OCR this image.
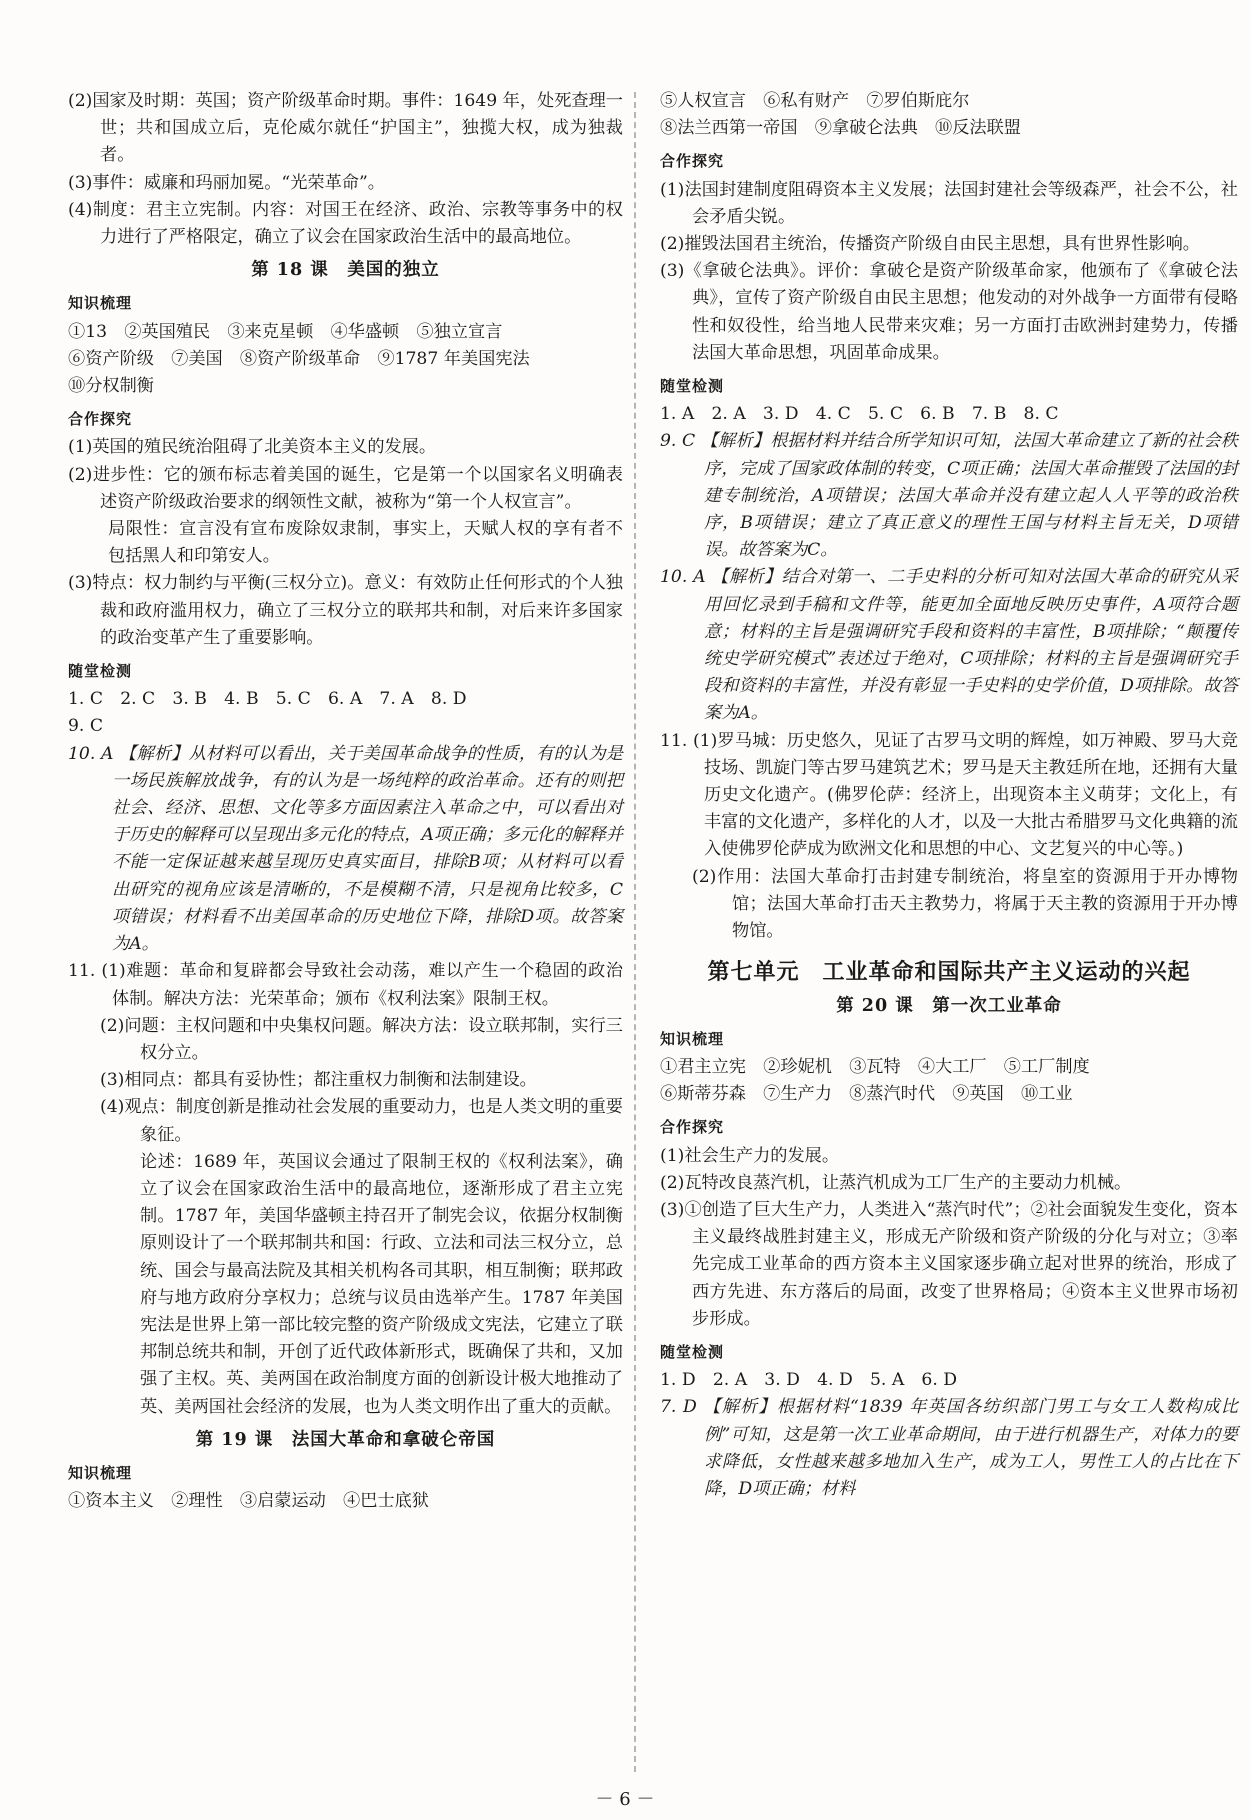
(2)国家及时期：英国；资产阶级革命时期。事件：1649 年，处死查理一世；共和国成立后，克伦威尔就任“护国主”，独揽大权，成为独裁者。

(3)事件：威廉和玛丽加冕。“光荣革命”。

(4)制度：君主立宪制。内容：对国王在经济、政治、宗教等事务中的权力进行了严格限定，确立了议会在国家政治生活中的最高地位。

第 18 课　美国的独立

知识梳理

①13　②英国殖民　③来克星顿　④华盛顿　⑤独立宣言

⑥资产阶级　⑦美国　⑧资产阶级革命　⑨1787 年美国宪法

⑩分权制衡

合作探究

(1)英国的殖民统治阻碍了北美资本主义的发展。

(2)进步性：它的颁布标志着美国的诞生，它是第一个以国家名义明确表述资产阶级政治要求的纲领性文献，被称为“第一个人权宣言”。

局限性：宣言没有宣布废除奴隶制，事实上，天赋人权的享有者不包括黑人和印第安人。

(3)特点：权力制约与平衡(三权分立)。意义：有效防止任何形式的个人独裁和政府滥用权力，确立了三权分立的联邦共和制，对后来许多国家的政治变革产生了重要影响。

随堂检测

1. C　2. C　3. B　4. B　5. C　6. A　7. A　8. D

9. C

10. A 【解析】从材料可以看出，关于美国革命战争的性质，有的认为是一场民族解放战争，有的认为是一场纯粹的政治革命。还有的则把社会、经济、思想、文化等多方面因素注入革命之中，可以看出对于历史的解释可以呈现出多元化的特点，A项正确；多元化的解释并不能一定保证越来越呈现历史真实面目，排除B项；从材料可以看出研究的视角应该是清晰的，不是模糊不清，只是视角比较多，C项错误；材料看不出美国革命的历史地位下降，排除D项。故答案为A。

11. (1)难题：革命和复辟都会导致社会动荡，难以产生一个稳固的政治体制。解决方法：光荣革命；颁布《权利法案》限制王权。

(2)问题：主权问题和中央集权问题。解决方法：设立联邦制，实行三权分立。

(3)相同点：都具有妥协性；都注重权力制衡和法制建设。

(4)观点：制度创新是推动社会发展的重要动力，也是人类文明的重要象征。

论述：1689 年，英国议会通过了限制王权的《权利法案》，确立了议会在国家政治生活中的最高地位，逐渐形成了君主立宪制。1787 年，美国华盛顿主持召开了制宪会议，依据分权制衡原则设计了一个联邦制共和国：行政、立法和司法三权分立，总统、国会与最高法院及其相关机构各司其职，相互制衡；联邦政府与地方政府分享权力；总统与议员由选举产生。1787 年美国宪法是世界上第一部比较完整的资产阶级成文宪法，它建立了联邦制总统共和制，开创了近代政体新形式，既确保了共和，又加强了主权。英、美两国在政治制度方面的创新设计极大地推动了英、美两国社会经济的发展，也为人类文明作出了重大的贡献。

第 19 课　法国大革命和拿破仑帝国

知识梳理

①资本主义　②理性　③启蒙运动　④巴士底狱

⑤人权宣言　⑥私有财产　⑦罗伯斯庇尔

⑧法兰西第一帝国　⑨拿破仑法典　⑩反法联盟

合作探究

(1)法国封建制度阻碍资本主义发展；法国封建社会等级森严，社会不公，社会矛盾尖锐。

(2)摧毁法国君主统治，传播资产阶级自由民主思想，具有世界性影响。

(3)《拿破仑法典》。评价：拿破仑是资产阶级革命家，他颁布了《拿破仑法典》，宣传了资产阶级自由民主思想；他发动的对外战争一方面带有侵略性和奴役性，给当地人民带来灾难；另一方面打击欧洲封建势力，传播法国大革命思想，巩固革命成果。

随堂检测

1. A　2. A　3. D　4. C　5. C　6. B　7. B　8. C

9. C 【解析】根据材料并结合所学知识可知，法国大革命建立了新的社会秩序，完成了国家政体制的转变，C项正确；法国大革命摧毁了法国的封建专制统治，A项错误；法国大革命并没有建立起人人平等的政治秩序，B项错误；建立了真正意义的理性王国与材料主旨无关，D项错误。故答案为C。

10. A 【解析】结合对第一、二手史料的分析可知对法国大革命的研究从采用回忆录到手稿和文件等，能更加全面地反映历史事件，A项符合题意；材料的主旨是强调研究手段和资料的丰富性，B项排除；“颠覆传统史学研究模式”表述过于绝对，C项排除；材料的主旨是强调研究手段和资料的丰富性，并没有彰显一手史料的史学价值，D项排除。故答案为A。

11. (1)罗马城：历史悠久，见证了古罗马文明的辉煌，如万神殿、罗马大竞技场、凯旋门等古罗马建筑艺术；罗马是天主教廷所在地，还拥有大量历史文化遗产。(佛罗伦萨：经济上，出现资本主义萌芽；文化上，有丰富的文化遗产，多样化的人才，以及一大批古希腊罗马文化典籍的流入使佛罗伦萨成为欧洲文化和思想的中心、文艺复兴的中心等。)

(2)作用：法国大革命打击封建专制统治，将皇室的资源用于开办博物馆；法国大革命打击天主教势力，将属于天主教的资源用于开办博物馆。

第七单元　工业革命和国际共产主义运动的兴起

第 20 课　第一次工业革命

知识梳理

①君主立宪　②珍妮机　③瓦特　④大工厂　⑤工厂制度

⑥斯蒂芬森　⑦生产力　⑧蒸汽时代　⑨英国　⑩工业

合作探究

(1)社会生产力的发展。

(2)瓦特改良蒸汽机，让蒸汽机成为工厂生产的主要动力机械。

(3)①创造了巨大生产力，人类进入“蒸汽时代”；②社会面貌发生变化，资本主义最终战胜封建主义，形成无产阶级和资产阶级的分化与对立；③率先完成工业革命的西方资本主义国家逐步确立起对世界的统治，形成了西方先进、东方落后的局面，改变了世界格局；④资本主义世界市场初步形成。

随堂检测

1. D　2. A　3. D　4. D　5. A　6. D

7. D 【解析】根据材料“1839 年英国各纺织部门男工与女工人数构成比例”可知，这是第一次工业革命期间，由于进行机器生产，对体力的要求降低，女性越来越多地加入生产，成为工人，男性工人的占比在下降，D项正确；材料

－ 6 －
